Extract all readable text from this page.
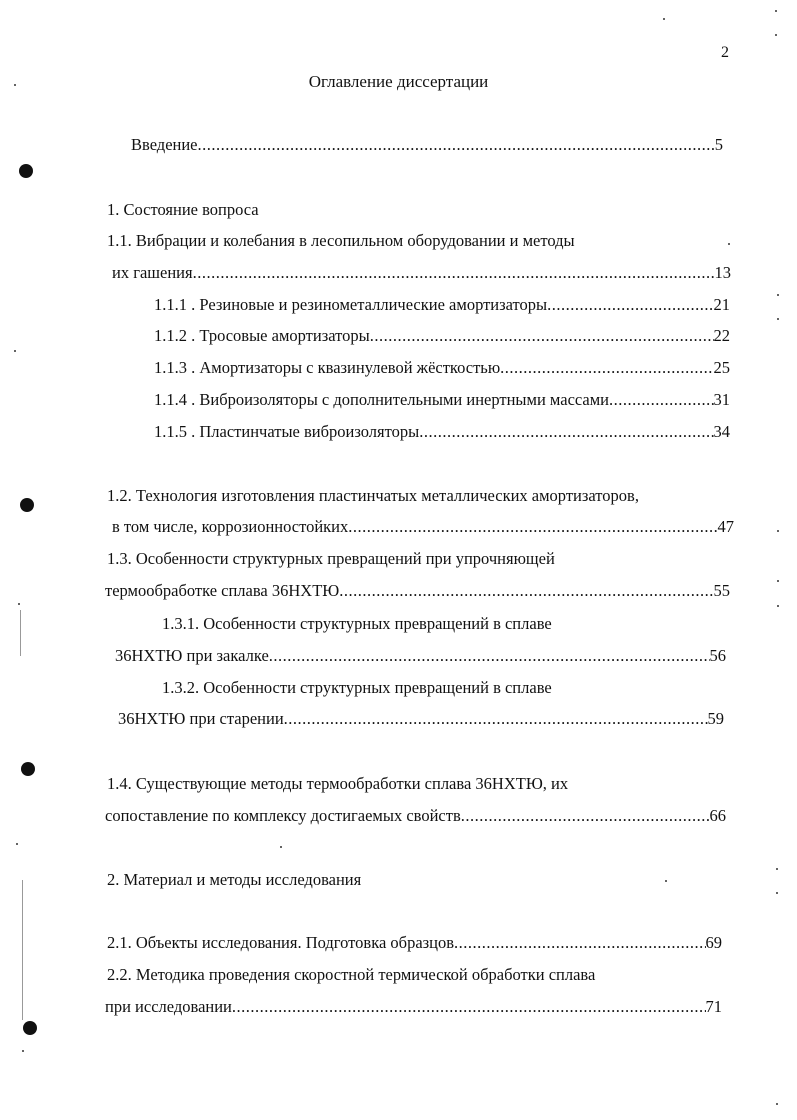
2
Оглавление диссертации
Введение .....	5
1. Состояние вопроса
1.1. Вибрации и колебания в лесопильном оборудовании и методы
их гашения .....	13
1.1.1 . Резиновые и резинометаллические амортизаторы .....	21
1.1.2 . Тросовые амортизаторы .....	22
1.1.3 . Амортизаторы с квазинулевой жёсткостью .....	25
1.1.4 . Виброизоляторы с дополнительными инертными массами .....	31
1.1.5 . Пластинчатые виброизоляторы .....	34
1.2. Технология изготовления пластинчатых металлических амортизаторов,
в том числе, коррозионностойких .....	47
1.3. Особенности структурных превращений при упрочняющей
термообработке сплава 36НХТЮ .....	55
1.3.1. Особенности структурных превращений в сплаве
36НХТЮ при закалке .....	56
1.3.2. Особенности структурных превращений в сплаве
36НХТЮ при старении .....	59
1.4. Существующие методы термообработки сплава 36НХТЮ, их
сопоставление по комплексу достигаемых свойств .....	66
2. Материал и методы исследования
2.1. Объекты исследования. Подготовка образцов .....	69
2.2. Методика проведения скоростной термической обработки сплава
при исследовании .....	71
